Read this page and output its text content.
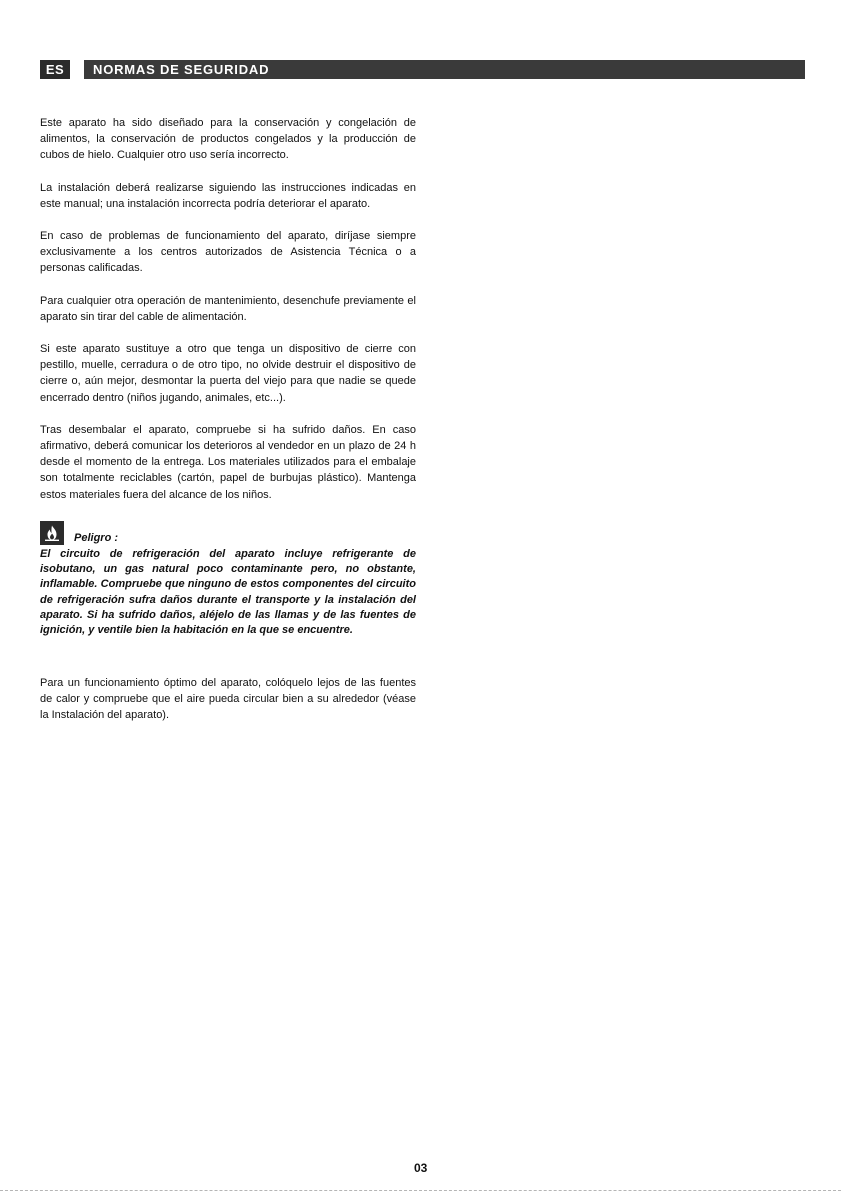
ES	NORMAS DE SEGURIDAD

Este aparato ha sido diseñado para la conservación y congelación de alimentos, la conservación de productos congelados y la producción de cubos de hielo. Cualquier otro uso sería incorrecto.

La instalación deberá realizarse siguiendo las instrucciones indicadas en este manual; una instalación incorrecta podría deteriorar el aparato.

En caso de problemas de funcionamiento del aparato, diríjase siempre exclusivamente a los centros autorizados de Asistencia Técnica o a personas calificadas.

Para cualquier otra operación de mantenimiento, desenchufe previamente el aparato sin tirar del cable de alimentación.

Si este aparato sustituye a otro que tenga un dispositivo de cierre con pestillo, muelle, cerradura o de otro tipo, no olvide destruir el dispositivo de cierre o, aún mejor, desmontar la puerta del viejo para que nadie se quede encerrado dentro (niños jugando, animales, etc...).

Tras desembalar el aparato, compruebe si ha sufrido daños. En caso afirmativo, deberá comunicar los deterioros al vendedor en un plazo de 24 h desde el momento de la entrega. Los materiales utilizados para el embalaje son totalmente reciclables (cartón, papel de burbujas plástico). Mantenga estos materiales fuera del alcance de los niños.

Peligro :

El circuito de refrigeración del aparato incluye refrigerante de isobutano, un gas natural poco contaminante pero, no obstante, inflamable. Compruebe que ninguno de estos componentes del circuito de refrigeración sufra daños durante el transporte y la instalación del aparato. Si ha sufrido daños, aléjelo de las llamas y de las fuentes de ignición, y ventile bien la habitación en la que se encuentre.

Para un funcionamiento óptimo del aparato, colóquelo lejos de las fuentes de calor y compruebe que el aire pueda circular bien a su alrededor (véase la Instalación del aparato).

03
